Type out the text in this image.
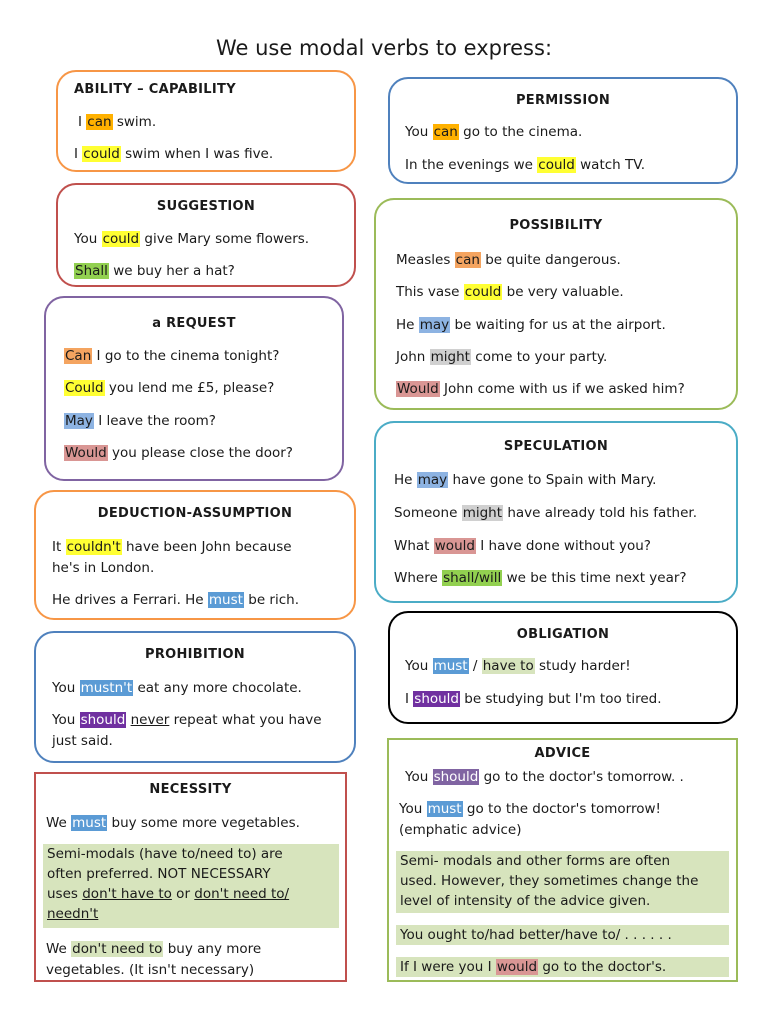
We use modal verbs to express:
ABILITY – CAPABILITY
I can swim.
I could swim when I was five.
PERMISSION
You can go to the cinema.
In the evenings we could watch TV.
SUGGESTION
You could give Mary some flowers.
Shall we buy her a hat?
POSSIBILITY
Measles can be quite dangerous.
This vase could be very valuable.
He may be waiting for us at the airport.
John might come to your party.
Would John come with us if we asked him?
a REQUEST
Can I go to the cinema tonight?
Could you lend me £5, please?
May I leave the room?
Would you please close the door?	SPECULATION
He may have gone to Spain with Mary.
Someone might have already told his father.
What would I have done without you?
Where shall/will we be this time next year?
DEDUCTION-ASSUMPTION
It couldn't have been John because
he's in London.
He drives a Ferrari. He must be rich.
OBLIGATION
You must / have to study harder!
I should be studying but I'm too tired.
PROHIBITION
You mustn't eat any more chocolate.
You should never repeat what you have
just said.
NECESSITY
We must buy some more vegetables.
Semi-modals (have to/need to) are
often preferred. NOT NECESSARY
uses don't have to or don't need to/
needn't
We don't need to buy any more
vegetables. (It isn't necessary)
ADVICE
You should go to the doctor's tomorrow. .
You must go to the doctor's tomorrow!
(emphatic advice)
Semi- modals and other forms are often
used. However, they sometimes change the
level of intensity of the advice given.
You ought to/had better/have to/ . . . . . .
If I were you I would go to the doctor's.
